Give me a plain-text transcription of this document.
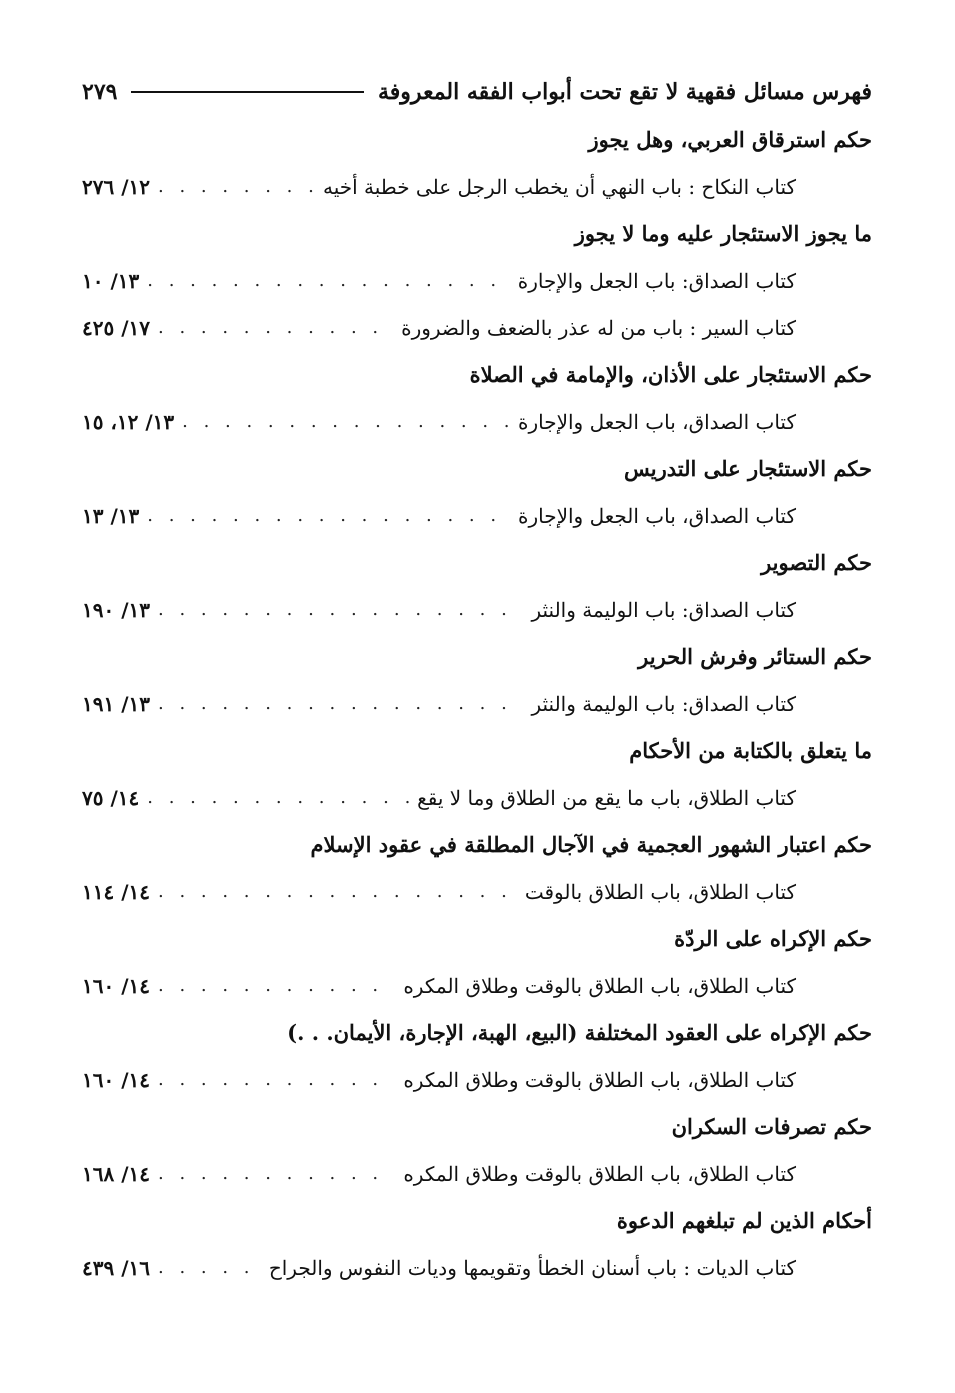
٢٧٩	فهرس مسائل فقهية لا تقع تحت أبواب الفقه المعروفة
حكم استرقاق العربي، وهل يجوز
كتاب النكاح : باب النهي أن يخطب الرجل على خطبة أخيه
. . .
١٢/ ٢٧٦
ما يجوز الاستئجار عليه وما لا يجوز
كتاب الصداق: باب الجعل والإجارة
. . .
١٣/ ١٠
كتاب السير : باب من له عذر بالضعف والضرورة
. . .
١٧/ ٤٢٥
حكم الاستئجار على الأذان، والإمامة في الصلاة
كتاب الصداق، باب الجعل والإجارة
. . .
١٣/ ١٢، ١٥
حكم الاستئجار على التدريس
كتاب الصداق، باب الجعل والإجارة
. . .
١٣/ ١٣
حكم التصوير
كتاب الصداق: باب الوليمة والنثر
. . .
١٣/ ١٩٠
حكم الستائر وفرش الحرير
كتاب الصداق: باب الوليمة والنثر
. . .
١٣/ ١٩١
ما يتعلق بالكتابة من الأحكام
كتاب الطلاق، باب ما يقع من الطلاق وما لا يقع
. . .
١٤/ ٧٥
حكم اعتبار الشهور العجمية في الآجال المطلقة في عقود الإسلام
كتاب الطلاق، باب الطلاق بالوقت
. . .
١٤/ ١١٤
حكم الإكراه على الردّة
كتاب الطلاق، باب الطلاق بالوقت وطلاق المكره
. . .
١٤/ ١٦٠
حكم الإكراه على العقود المختلفة (البيع، الهبة، الإجارة، الأيمان. . .)
كتاب الطلاق، باب الطلاق بالوقت وطلاق المكره
. . .
١٤/ ١٦٠
حكم تصرفات السكران
كتاب الطلاق، باب الطلاق بالوقت وطلاق المكره
. . .
١٤/ ١٦٨
أحكام الذين لم تبلغهم الدعوة
كتاب الديات : باب أسنان الخطأ وتقويمها وديات النفوس والجراح
. . .
١٦/ ٤٣٩
